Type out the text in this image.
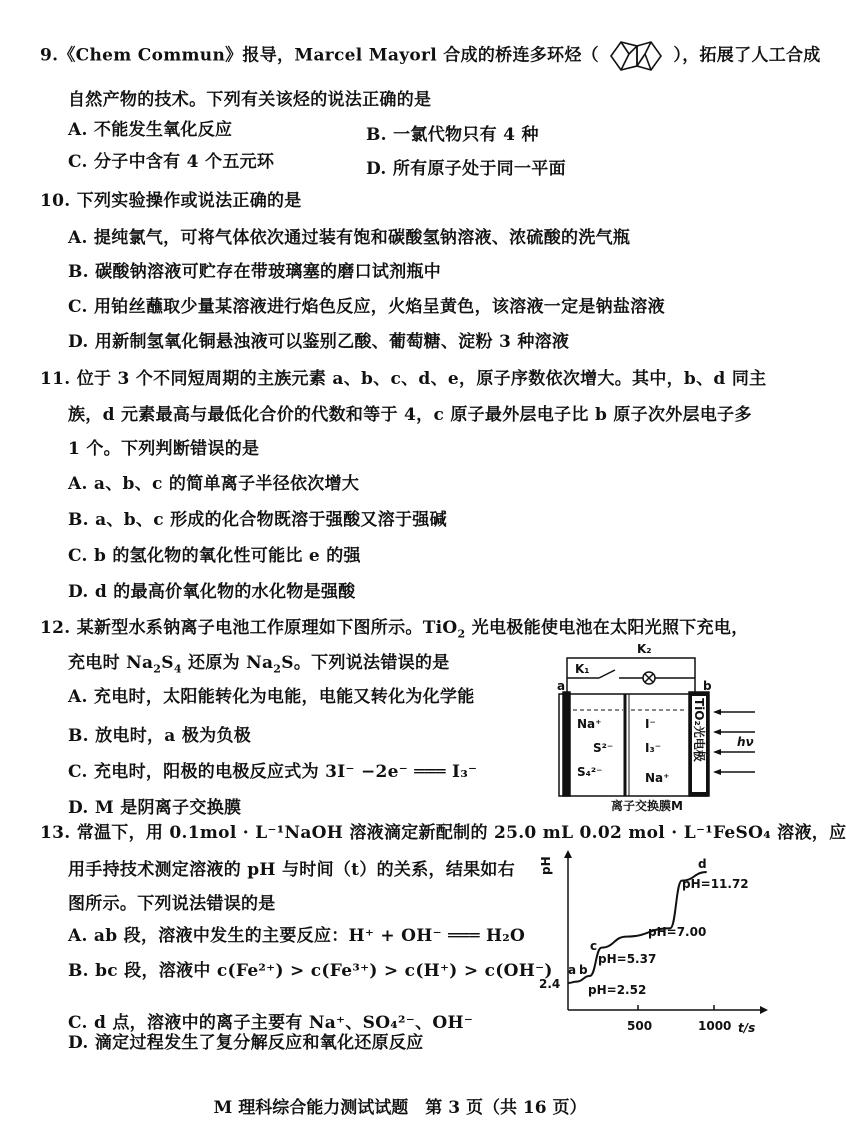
9.《Chem Commun》报导，Marcel Mayorl 合成的桥连多环烃（	），拓展了人工合成
自然产物的技术。下列有关该烃的说法正确的是
A. 不能发生氧化反应	B. 一氯代物只有 4 种
C. 分子中含有 4 个五元环	D. 所有原子处于同一平面
10. 下列实验操作或说法正确的是
A. 提纯氯气，可将气体依次通过装有饱和碳酸氢钠溶液、浓硫酸的洗气瓶
B. 碳酸钠溶液可贮存在带玻璃塞的磨口试剂瓶中
C. 用铂丝蘸取少量某溶液进行焰色反应，火焰呈黄色，该溶液一定是钠盐溶液
D. 用新制氢氧化铜悬浊液可以鉴别乙酸、葡萄糖、淀粉 3 种溶液
11. 位于 3 个不同短周期的主族元素 a、b、c、d、e，原子序数依次增大。其中，b、d 同主
族，d 元素最高与最低化合价的代数和等于 4，c 原子最外层电子比 b 原子次外层电子多
1 个。下列判断错误的是
A. a、b、c 的简单离子半径依次增大
B. a、b、c 形成的化合物既溶于强酸又溶于强碱
C. b 的氢化物的氧化性可能比 e 的强
D. d 的最高价氧化物的水化物是强酸
12. 某新型水系钠离子电池工作原理如下图所示。TiO$_2$ 光电极能使电池在太阳光照下充电，
充电时 $Na_2S_4$ 还原为 $Na_2S$。下列说法错误的是
A. 充电时，太阳能转化为电能，电能又转化为化学能
B. 放电时，a 极为负极
C. 充电时，阳极的电极反应式为 3I⁻ −2e⁻ ═══ I₃⁻
D. M 是阴离子交换膜
K₁
K₂
a	b
Na⁺
S²⁻
S₄²⁻
I⁻
I₃⁻
Na⁺
hν
离子交换膜M
TiO₂光电极
13. 常温下，用 0.1mol · L⁻¹NaOH 溶液滴定新配制的 25.0 mL 0.02 mol · L⁻¹FeSO₄ 溶液，应
用手持技术测定溶液的 pH 与时间（t）的关系，结果如右
图所示。下列说法错误的是
A. ab 段，溶液中发生的主要反应：H⁺ + OH⁻ ═══ H₂O
B. bc 段，溶液中 c(Fe²⁺) > c(Fe³⁺) > c(H⁺) > c(OH⁻)
C. d 点，溶液中的离子主要有 Na⁺、SO₄²⁻、OH⁻
D. 滴定过程发生了复分解反应和氧化还原反应
pH
t/s
500	1000
2.4
a b
c
d
pH=2.52
pH=5.37
pH=7.00
pH=11.72
M 理科综合能力测试试题　第 3 页（共 16 页）
